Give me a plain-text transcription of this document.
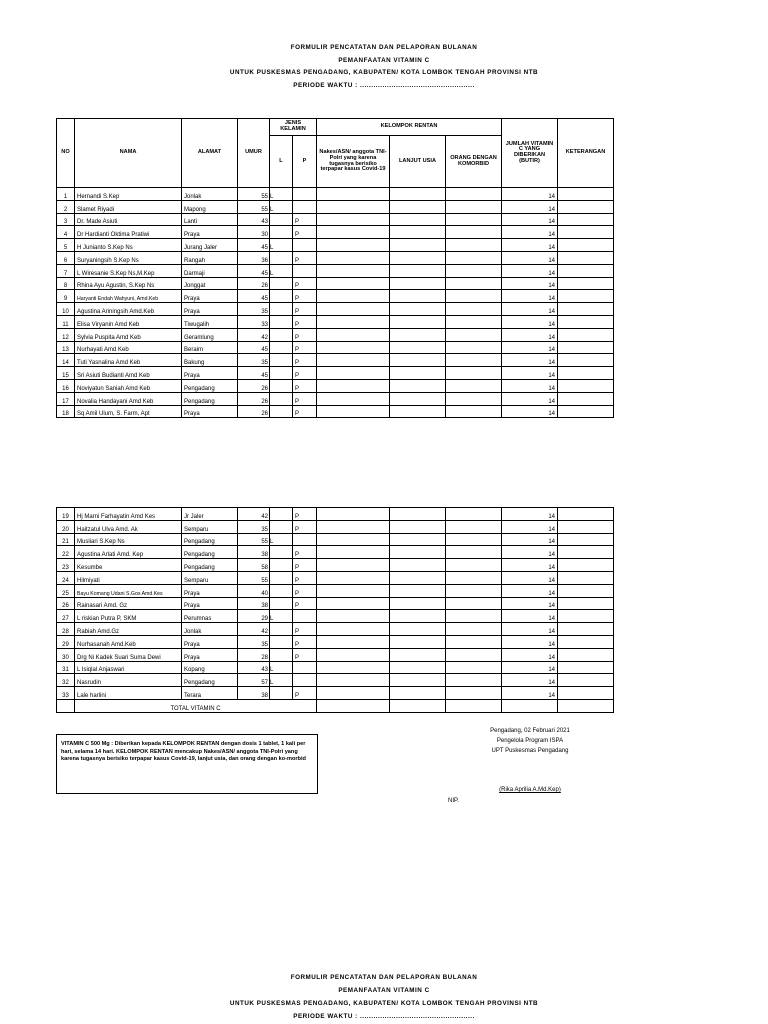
FORMULIR PENCATATAN DAN PELAPORAN BULANAN
PEMANFAATAN VITAMIN C
UNTUK PUSKESMAS PENGADANG, KABUPATEN/ KOTA LOMBOK TENGAH PROVINSI NTB
PERIODE WAKTU : ...................................................
NO	NAMA	ALAMAT	UMUR	JENIS KELAMIN		KELOMPOK RENTAN			JUMLAH VITAMIN C YANG DIBERIKAN (BUTIR)	KETERANGAN
				L	P	Nakes/ASN/ anggota TNI-Polri yang karena tugasnya berisiko terpapar kasus Covid-19	LANJUT USIA	ORANG DENGAN KOMORBID		
1	Hernandi S.Kep	Jonlak	55	L					14	
2	Slamet Riyadi	Mapong	55	L					14	
3	Dr. Made Asiuti	Lanti	43		P				14	
4	Dr Hardianti Oktima Pratiwi	Praya	30		P				14	
5	H Junianto S.Kep Ns	Jurang Jaler	45	L					14	
6	Suryaningsih S.Kep Ns	Rangah	36		P				14	
7	L Wiresanie S.Kep Ns,M.Kep	Darmaji	45	L					14	
8	Rhina Ayu Agustin, S.Kep Ns	Jonggat	26		P				14	
9	Haryanti Endah Wahyuni, Amd.Keb	Praya	45		P				14	
10	Agustina Ariningsih Amd.Keb	Praya	35		P				14	
11	Elisa Viryanin Amd Keb	Tiwugalih	33		P				14	
12	Sylvia Puspita Amd Keb	Geramlung	42		P				14	
13	Nurhayati Amd Keb	Beraim	45		P				14	
14	Tuti Yasnalina Amd Keb	Bakung	35		P				14	
15	Sri Asiuti Budianti Amd Keb	Praya	45		P				14	
16	Noviyatun Saniah Amd Keb	Pengadang	26		P				14	
17	Novalia Handayani Amd Keb	Pengadang	26		P				14	
18	Sq Amil Ulum, S. Farm, Apt	Praya	26		P				14	
19	Hj Marni Farhayatin Amd Kes	Jr Jaler	42		P				14	
20	Haitzatul Ulva Amd. Ak	Semparu	35		P				14	
21	Musliari S.Kep Ns	Pengadang	55	L					14	
22	Agustina Arlati Amd. Kep	Pengadang	38		P				14	
23	Kesumbe	Pengadang	58		P				14	
24	Hilmiyati	Semparu	55		P				14	
25	Bayu Komang Udani S.Gos Amd.Kes	Praya	40		P				14	
26	Rainasari Amd. Gz	Praya	38		P				14	
27	L riskian Putra P, SKM	Perumnas	29	L					14	
28	Rabiah Amd.Gz	Jonlak	42		P				14	
29	Nurhasanah Amd.Keb	Praya	35		P				14	
30	Drg Ni Kadek Suari Suma Dewi	Praya	28		P				14	
31	L Isiqlal Anjaswari	Kopang	43	L					14	
32	Nasrudin	Pengadang	57	L					14	
33	Lale harlini	Terara	38		P				14	
	TOTAL VITAMIN C									
VITAMIN C 500 Mg : Diberikan kepada KELOMPOK RENTAN dengan dosis 1 tablet, 1 kali per hari, selama 14 hari. KELOMPOK RENTAN mencakup Nakes/ASN/ anggota TNI-Polri yang karena tugasnya berisiko terpapar kasus Covid-19, lanjut usia, dan orang dengan ko-morbid
Pengadang, 02 Februari 2021
Pengelola Program ISPA
UPT Puskesmas Pengadang
(Rika Aprilia A.Md.Kep)
NIP.
FORMULIR PENCATATAN DAN PELAPORAN BULANAN
PEMANFAATAN VITAMIN C
UNTUK PUSKESMAS PENGADANG, KABUPATEN/ KOTA LOMBOK TENGAH PROVINSI NTB
PERIODE WAKTU : ...................................................
